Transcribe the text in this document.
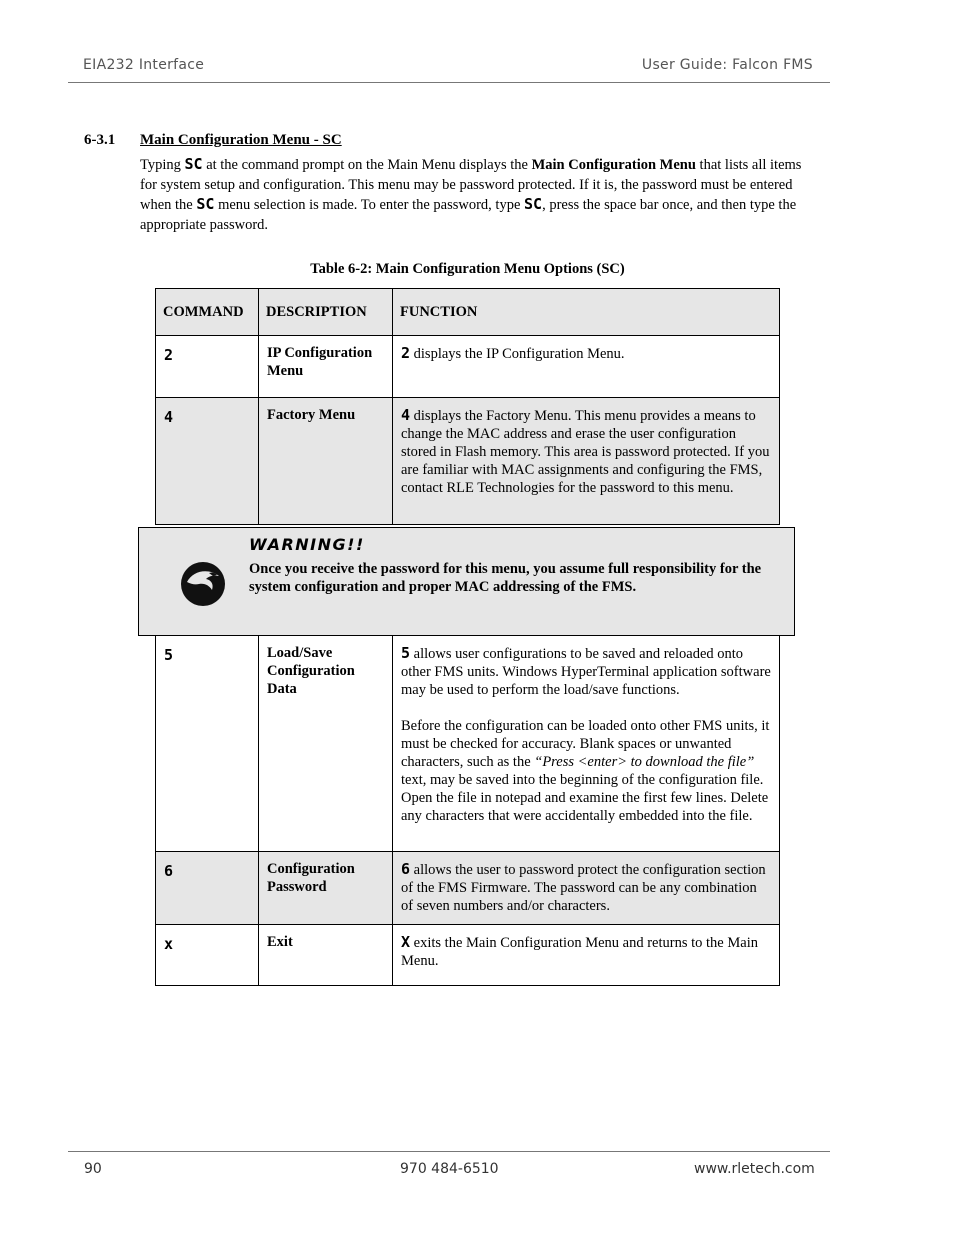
EIA232 Interface	User Guide: Falcon FMS
6-3.1 Main Configuration Menu - SC
Typing SC at the command prompt on the Main Menu displays the Main Configuration Menu that lists all items for system setup and configuration. This menu may be password protected. If it is, the password must be entered when the SC menu selection is made. To enter the password, type SC, press the space bar once, and then type the appropriate password.
Table 6-2: Main Configuration Menu Options (SC)
COMMAND	DESCRIPTION	FUNCTION

2	IP Configuration Menu	2 displays the IP Configuration Menu.

4	Factory Menu	4 displays the Factory Menu. This menu provides a means to change the MAC address and erase the user configuration stored in Flash memory. This area is password protected. If you are familiar with MAC assignments and configuring the FMS, contact RLE Technologies for the password to this menu.
WARNING!!
Once you receive the password for this menu, you assume full responsibility for the system configuration and proper MAC addressing of the FMS.
5	Load/Save Configuration Data	5 allows user configurations to be saved and reloaded onto other FMS units. Windows HyperTerminal application software may be used to perform the load/save functions.
Before the configuration can be loaded onto other FMS units, it must be checked for accuracy. Blank spaces or unwanted characters, such as the “Press <enter> to download the file” text, may be saved into the beginning of the configuration file. Open the file in notepad and examine the first few lines. Delete any characters that were accidentally embedded into the file.

6	Configuration Password	6 allows the user to password protect the configuration section of the FMS Firmware. The password can be any combination of seven numbers and/or characters.

x	Exit	X exits the Main Configuration Menu and returns to the Main Menu.
90	970 484-6510	www.rletech.com
